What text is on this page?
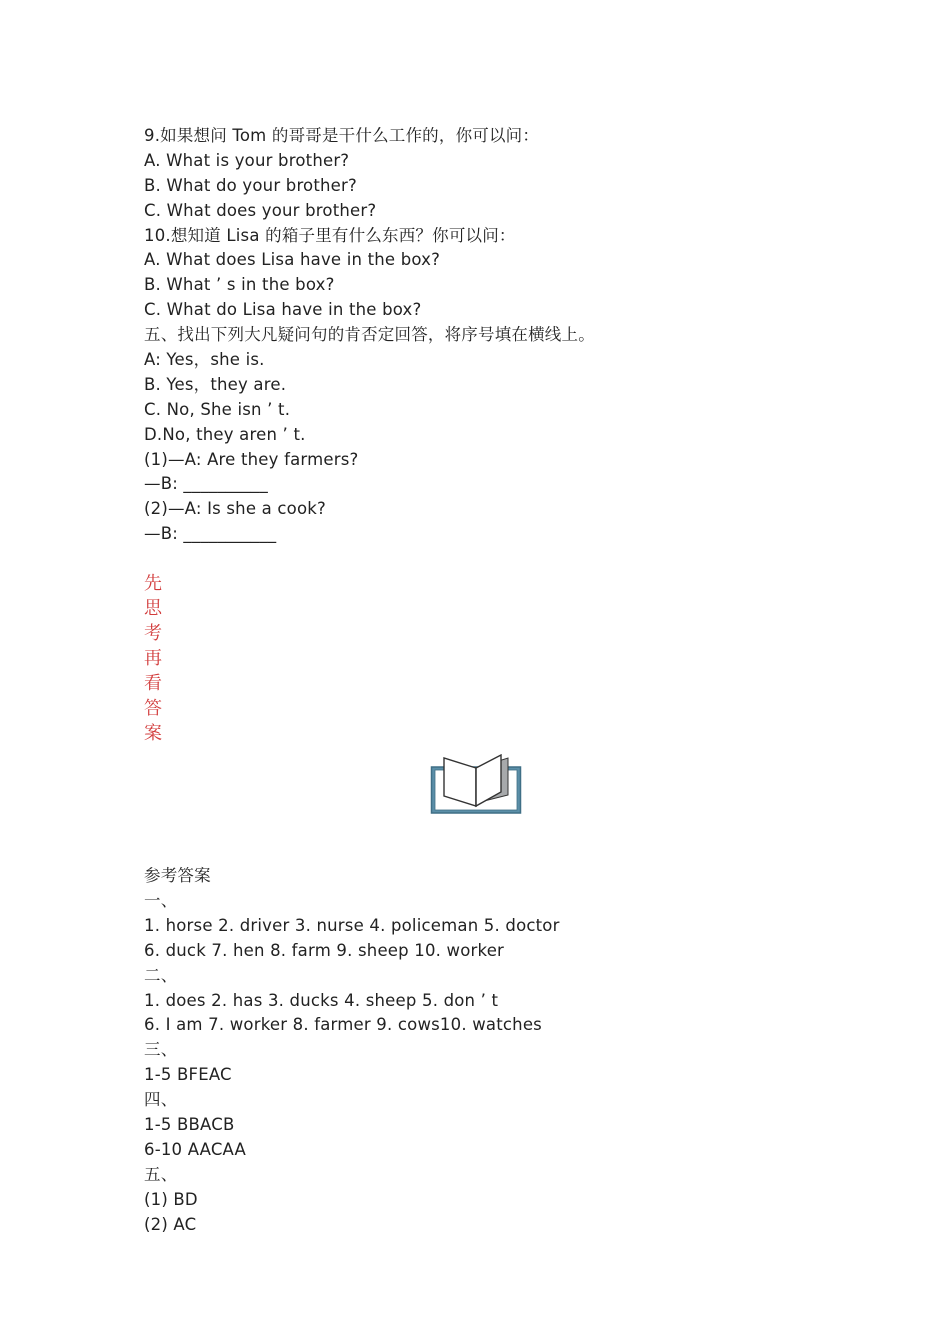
9.如果想问 Tom 的哥哥是干什么工作的，你可以问：
A. What is your brother?
B. What do your brother?
C. What does your brother?
10.想知道 Lisa 的箱子里有什么东西？你可以问：
A. What does Lisa have in the box?
B. What ’ s in the box?
C. What do Lisa have in the box?
五、找出下列大凡疑问句的肯否定回答，将序号填在横线上。
A: Yes，she is.
B. Yes，they are.
C. No, She isn ’ t.
D.No, they aren ’ t.
(1)—A: Are they farmers?
—B: __________
(2)—A: Is she a cook?
—B: ___________
先
思
考
再
看
答
案
参考答案
一、
1. horse 2. driver 3. nurse 4. policeman 5. doctor
6. duck 7. hen 8. farm 9. sheep 10. worker
二、
1. does 2. has 3. ducks 4. sheep 5. don ’ t
6. I am 7. worker 8. farmer 9. cows10. watches
三、
1-5 BFEAC
四、
1-5 BBACB
6-10 AACAA
五、
(1) BD
(2) AC
